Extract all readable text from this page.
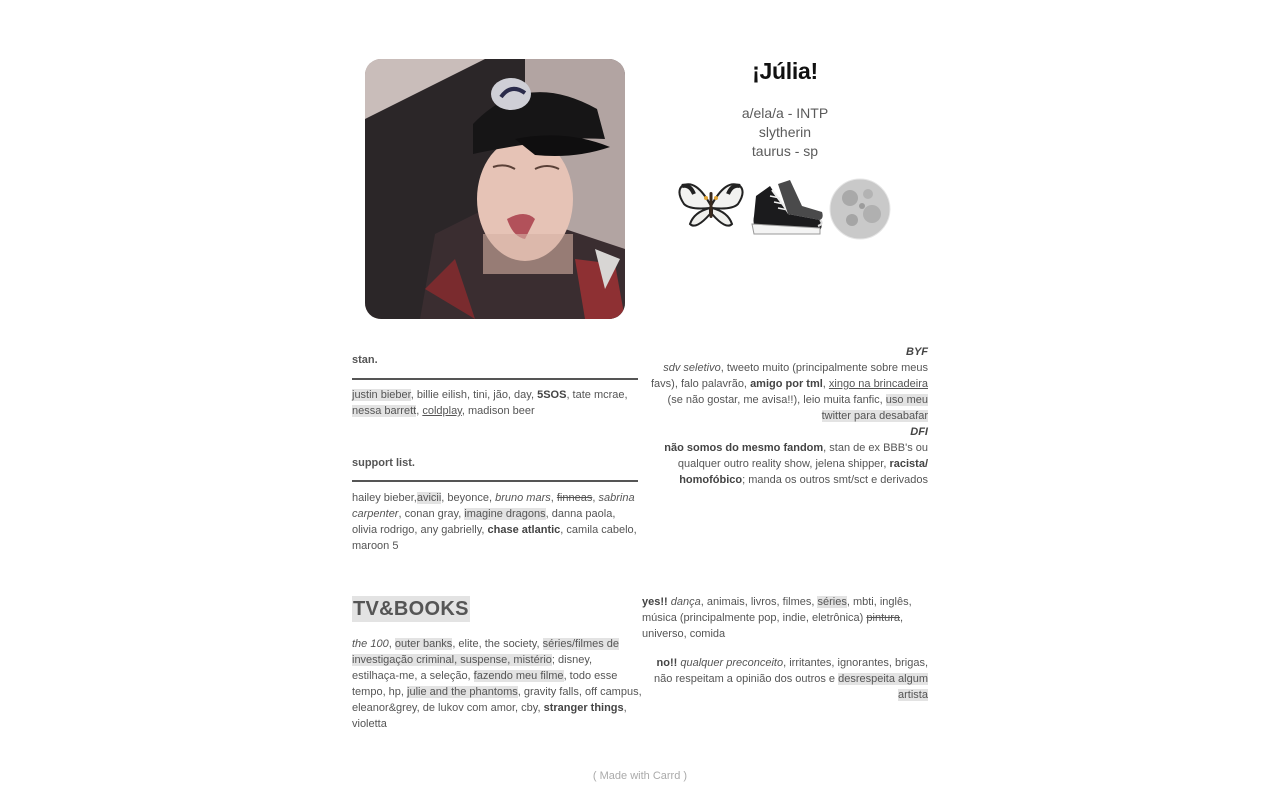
¡Júlia!
a/ela/a - INTP
slytherin
taurus - sp
stan.
justin bieber, billie eilish, tini, jão, day, 5SOS, tate mcrae, nessa barrett, coldplay, madison beer
support list.
hailey bieber,avicii, beyonce, bruno mars, finneas, sabrina carpenter, conan gray, imagine dragons, danna paola, olivia rodrigo, any gabrielly, chase atlantic, camila cabelo, maroon 5
BYF
sdv seletivo, tweeto muito (principalmente sobre meus favs), falo palavrão, amigo por tml, xingo na brincadeira (se não gostar, me avisa!!), leio muita fanfic, uso meu twitter para desabafar
DFI
não somos do mesmo fandom, stan de ex BBB's ou qualquer outro reality show, jelena shipper, racista/ homofóbico; manda os outros smt/sct e derivados
TV&BOOKS
the 100, outer banks, elite, the society, séries/filmes de investigação criminal, suspense, mistério; disney, estilhaça-me, a seleção, fazendo meu filme, todo esse tempo, hp, julie and the phantoms, gravity falls, off campus, eleanor&grey, de lukov com amor, cby, stranger things, violetta
yes!! dança, animais, livros, filmes, séries, mbti, inglês, música (principalmente pop, indie, eletrônica) pintura, universo, comida
no!! qualquer preconceito, irritantes, ignorantes, brigas, não respeitam a opinião dos outros e desrespeita algum artista
( Made with Carrd )
